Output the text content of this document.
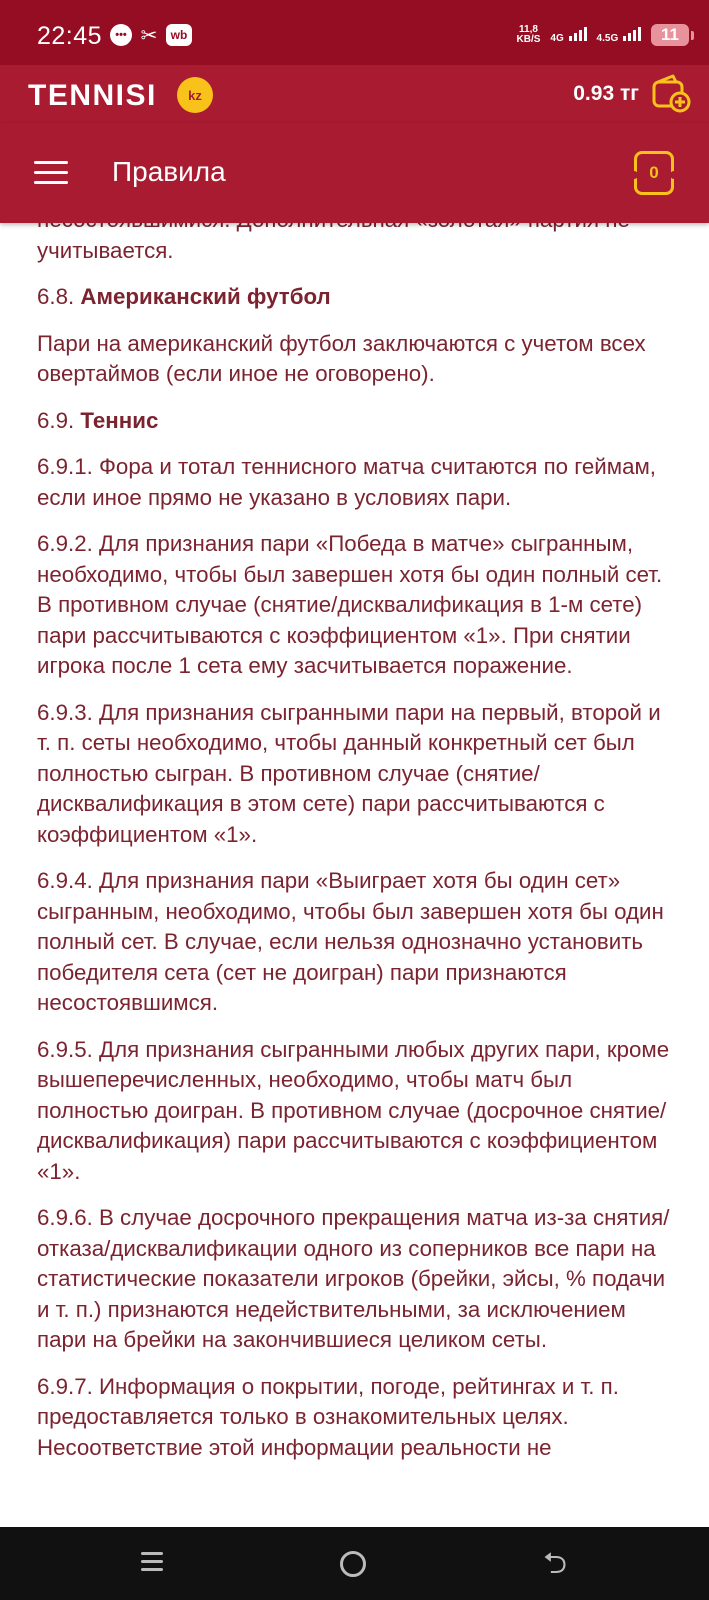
22:45	••• ✂	wb	11,8
KB/S 4G	4.5G	11
TENNISI	kz	0.93 тг
Правила	0

учитывается.

6.8. Американский футбол

Пари на американский футбол заключаются с учетом всех овертаймов (если иное не оговорено).

6.9. Теннис

6.9.1. Фора и тотал теннисного матча считаются по геймам, если иное прямо не указано в условиях пари.

6.9.2. Для признания пари «Победа в матче» сыгранным, необходимо, чтобы был завершен хотя бы один полный сет. В противном случае (снятие/дисквалификация в 1-м сете) пари рассчитываются с коэффициентом «1». При снятии игрока после 1 сета ему засчитывается поражение.

6.9.3. Для признания сыгранными пари на первый, второй и т. п. сеты необходимо, чтобы данный конкретный сет был полностью сыгран. В противном случае (снятие/дисквалификация в этом сете) пари рассчитываются с коэффициентом «1».

6.9.4. Для признания пари «Выиграет хотя бы один сет» сыгранным, необходимо, чтобы был завершен хотя бы один полный сет. В случае, если нельзя однозначно установить победителя сета (сет не доигран) пари признаются несостоявшимся.

6.9.5. Для признания сыгранными любых других пари, кроме вышеперечисленных, необходимо, чтобы матч был полностью доигран. В противном случае (досрочное снятие/дисквалификация) пари рассчитываются с коэффициентом «1».

6.9.6. В случае досрочного прекращения матча из-за снятия/отказа/дисквалификации одного из соперников все пари на статистические показатели игроков (брейки, эйсы, % подачи и т. п.) признаются недействительными, за исключением пари на брейки на закончившиеся целиком сеты.

6.9.7. Информация о покрытии, погоде, рейтингах и т. п. предоставляется только в ознакомительных целях. Несоответствие этой информации реальности не

⮌
